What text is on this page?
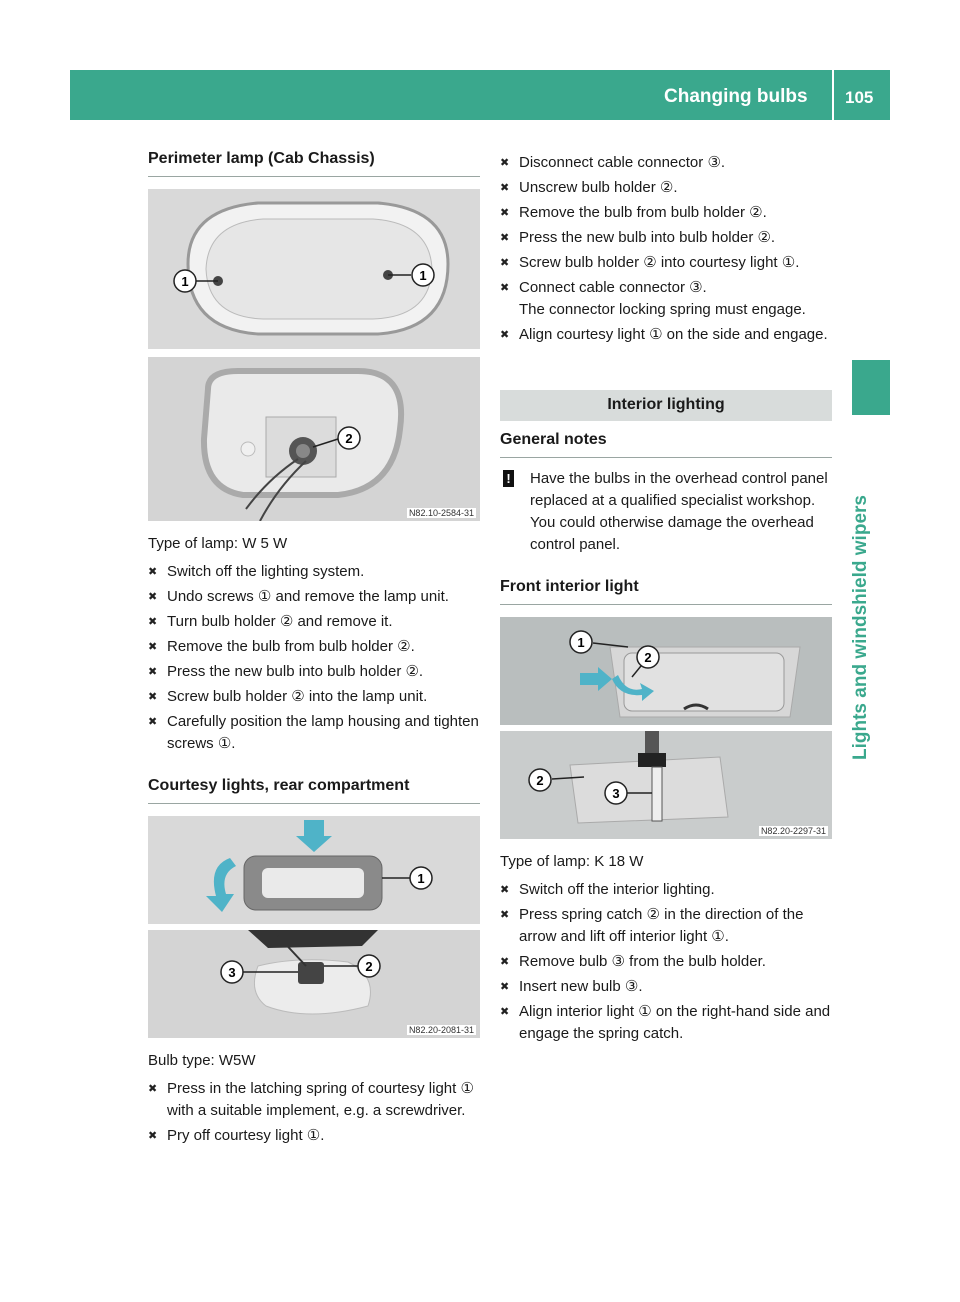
Changing bulbs 105
Lights and windshield wipers
Perimeter lamp (Cab Chassis)
1	1
2
N82.10-2584-31

Type of lamp: W 5 W

✖ Switch off the lighting system.
✖ Undo screws ① and remove the lamp unit.
✖ Turn bulb holder ② and remove it.
✖ Remove the bulb from bulb holder ②.
✖ Press the new bulb into bulb holder ②.
✖ Screw bulb holder ② into the lamp unit.
✖ Carefully position the lamp housing and tighten screws ①.
Courtesy lights, rear compartment
1
3	2
N82.20-2081-31

Bulb type: W5W

✖ Press in the latching spring of courtesy light ① with a suitable implement, e.g. a screwdriver.
✖ Pry off courtesy light ①.
✖ Disconnect cable connector ③.
✖ Unscrew bulb holder ②.
✖ Remove the bulb from bulb holder ②.
✖ Press the new bulb into bulb holder ②.
✖ Screw bulb holder ② into courtesy light ①.
✖ Connect cable connector ③.
The connector locking spring must engage.
✖ Align courtesy light ① on the side and engage.
Interior lighting
General notes
! Have the bulbs in the overhead control panel replaced at a qualified specialist workshop. You could otherwise damage the overhead control panel.
Front interior light
1
2
2
3
N82.20-2297-31

Type of lamp: K 18 W

✖ Switch off the interior lighting.
✖ Press spring catch ② in the direction of the arrow and lift off interior light ①.
✖ Remove bulb ③ from the bulb holder.
✖ Insert new bulb ③.
✖ Align interior light ① on the right-hand side and engage the spring catch.
